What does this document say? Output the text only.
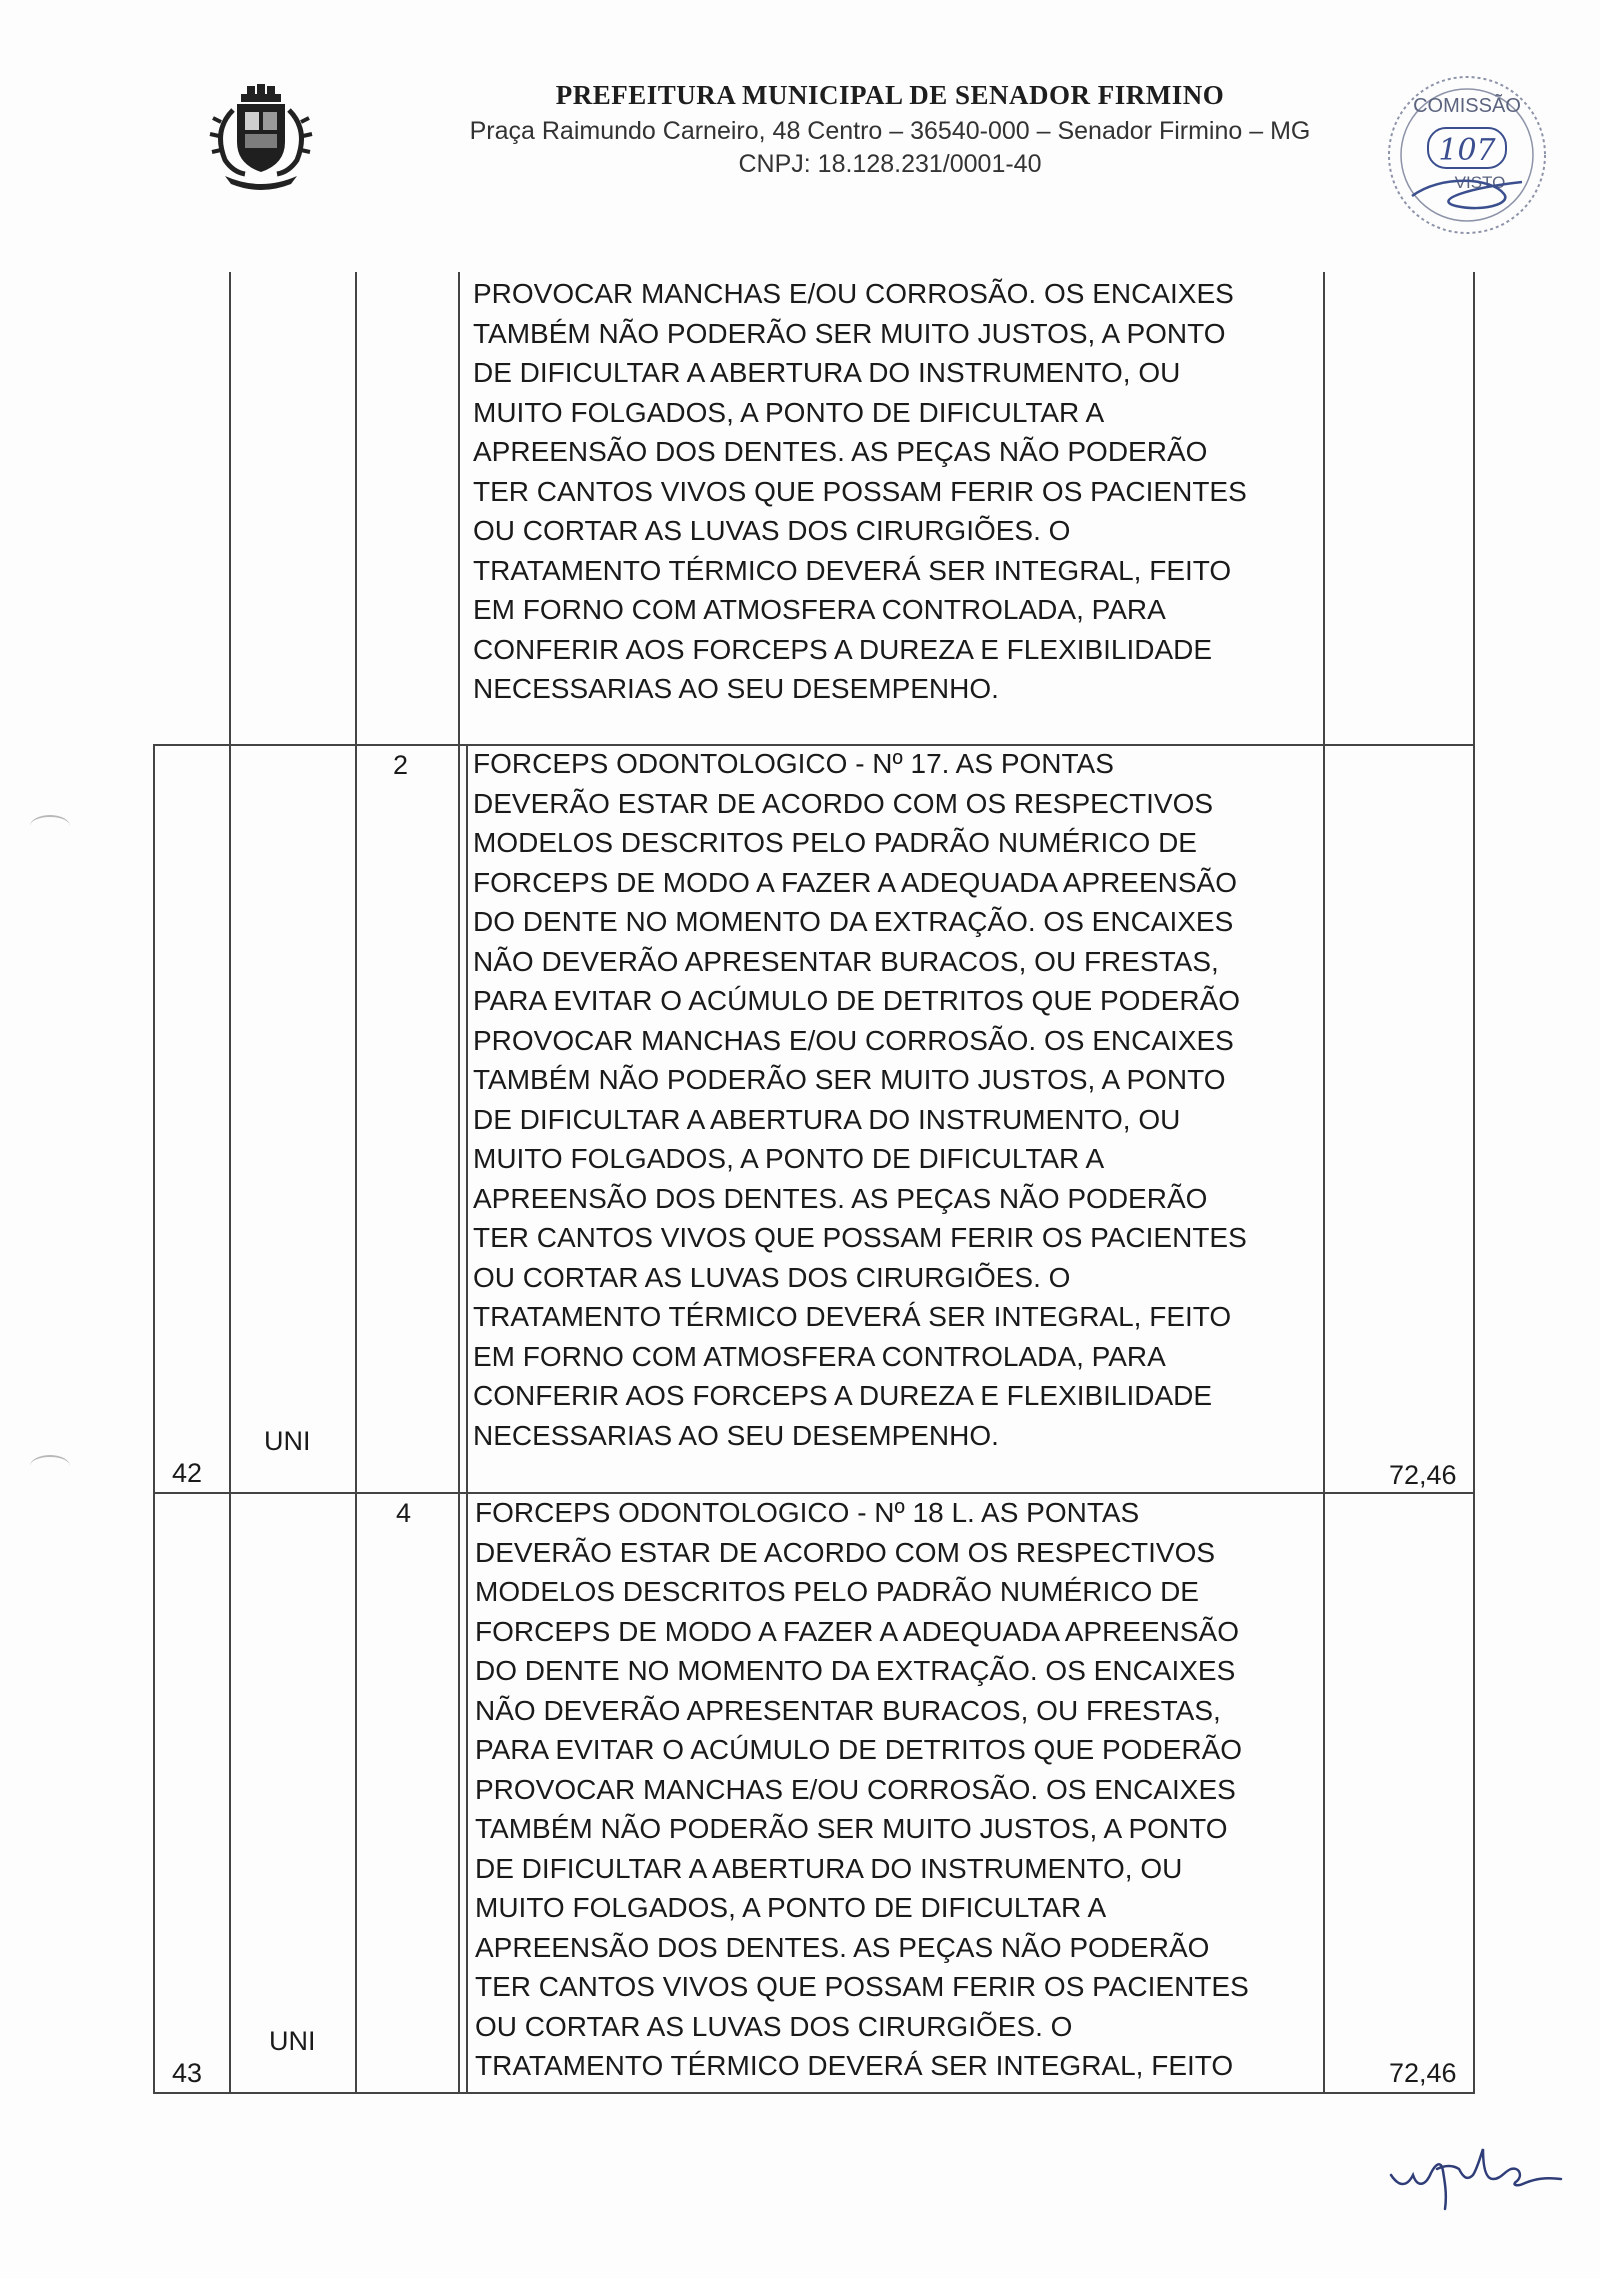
PREFEITURA MUNICIPAL DE SENADOR FIRMINO
Praça Raimundo Carneiro, 48 Centro – 36540-000 – Senador Firmino – MG
CNPJ: 18.128.231/0001-40
COMISSÃO
107
VISTO
PROVOCAR MANCHAS E/OU CORROSÃO. OS ENCAIXES
TAMBÉM NÃO PODERÃO SER MUITO JUSTOS, A PONTO
DE DIFICULTAR A ABERTURA DO INSTRUMENTO, OU
MUITO FOLGADOS, A PONTO DE DIFICULTAR A
APREENSÃO DOS DENTES. AS PEÇAS NÃO PODERÃO
TER CANTOS VIVOS QUE POSSAM FERIR OS PACIENTES
OU CORTAR AS LUVAS DOS CIRURGIÕES. O
TRATAMENTO TÉRMICO DEVERÁ SER INTEGRAL, FEITO
EM FORNO COM ATMOSFERA CONTROLADA, PARA
CONFERIR AOS FORCEPS A DUREZA E FLEXIBILIDADE
NECESSARIAS AO SEU DESEMPENHO.
42
UNI
2 FORCEPS ODONTOLOGICO - Nº 17. AS PONTAS
DEVERÃO ESTAR DE ACORDO COM OS RESPECTIVOS
MODELOS DESCRITOS PELO PADRÃO NUMÉRICO DE
FORCEPS DE MODO A FAZER A ADEQUADA APREENSÃO
DO DENTE NO MOMENTO DA EXTRAÇÃO. OS ENCAIXES
NÃO DEVERÃO APRESENTAR BURACOS, OU FRESTAS,
PARA EVITAR O ACÚMULO DE DETRITOS QUE PODERÃO
PROVOCAR MANCHAS E/OU CORROSÃO. OS ENCAIXES
TAMBÉM NÃO PODERÃO SER MUITO JUSTOS, A PONTO
DE DIFICULTAR A ABERTURA DO INSTRUMENTO, OU
MUITO FOLGADOS, A PONTO DE DIFICULTAR A
APREENSÃO DOS DENTES. AS PEÇAS NÃO PODERÃO
TER CANTOS VIVOS QUE POSSAM FERIR OS PACIENTES
OU CORTAR AS LUVAS DOS CIRURGIÕES. O
TRATAMENTO TÉRMICO DEVERÁ SER INTEGRAL, FEITO
EM FORNO COM ATMOSFERA CONTROLADA, PARA
CONFERIR AOS FORCEPS A DUREZA E FLEXIBILIDADE
NECESSARIAS AO SEU DESEMPENHO.
72,46
43
UNI
4 FORCEPS ODONTOLOGICO - Nº 18 L. AS PONTAS
DEVERÃO ESTAR DE ACORDO COM OS RESPECTIVOS
MODELOS DESCRITOS PELO PADRÃO NUMÉRICO DE
FORCEPS DE MODO A FAZER A ADEQUADA APREENSÃO
DO DENTE NO MOMENTO DA EXTRAÇÃO. OS ENCAIXES
NÃO DEVERÃO APRESENTAR BURACOS, OU FRESTAS,
PARA EVITAR O ACÚMULO DE DETRITOS QUE PODERÃO
PROVOCAR MANCHAS E/OU CORROSÃO. OS ENCAIXES
TAMBÉM NÃO PODERÃO SER MUITO JUSTOS, A PONTO
DE DIFICULTAR A ABERTURA DO INSTRUMENTO, OU
MUITO FOLGADOS, A PONTO DE DIFICULTAR A
APREENSÃO DOS DENTES. AS PEÇAS NÃO PODERÃO
TER CANTOS VIVOS QUE POSSAM FERIR OS PACIENTES
OU CORTAR AS LUVAS DOS CIRURGIÕES. O
TRATAMENTO TÉRMICO DEVERÁ SER INTEGRAL, FEITO	72,46
